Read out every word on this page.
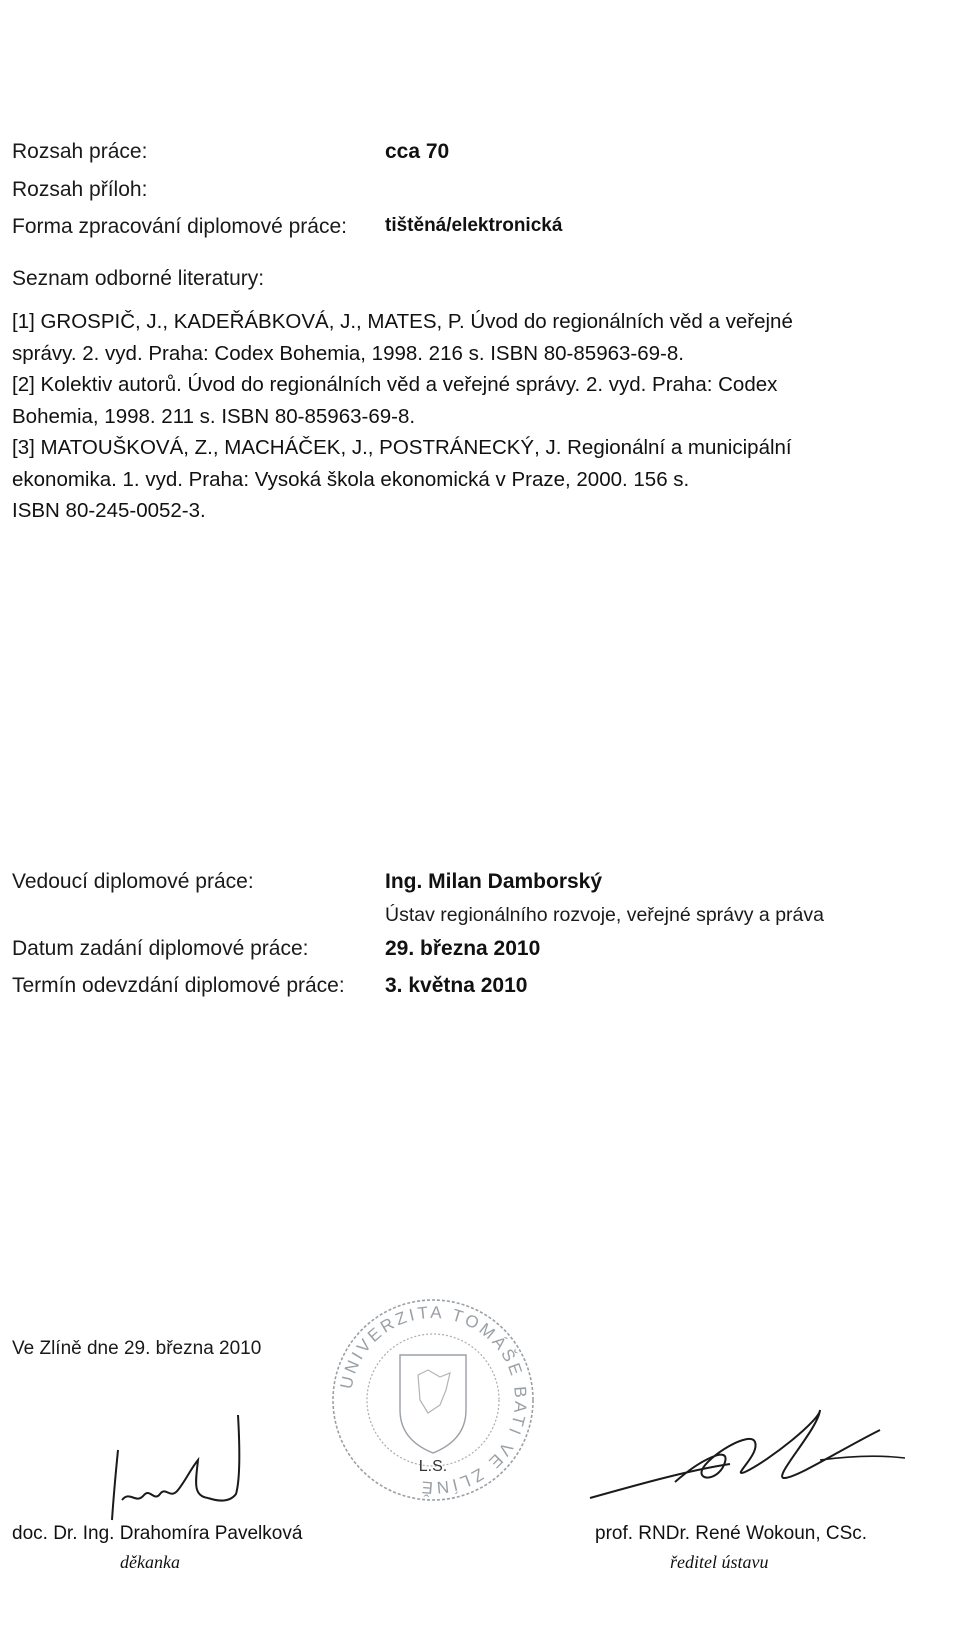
Rozsah práce:	cca 70
Rozsah příloh:
Forma zpracování diplomové práce: tištěná/elektronická
Seznam odborné literatury:
[1] GROSPIČ, J., KADEŘÁBKOVÁ, J., MATES, P. Úvod do regionálních věd a veřejné
správy. 2. vyd. Praha: Codex Bohemia, 1998. 216 s. ISBN 80-85963-69-8.
[2] Kolektiv autorů. Úvod do regionálních věd a veřejné správy. 2. vyd. Praha: Codex
Bohemia, 1998. 211 s. ISBN 80-85963-69-8.
[3] MATOUŠKOVÁ, Z., MACHÁČEK, J., POSTRÁNECKÝ, J. Regionální a municipální
ekonomika. 1. vyd. Praha: Vysoká škola ekonomická v Praze, 2000. 156 s.
ISBN 80-245-0052-3.
Vedoucí diplomové práce:	Ing. Milan Damborský
Ústav regionálního rozvoje, veřejné správy a práva
Datum zadání diplomové práce:	29. března 2010
Termín odevzdání diplomové práce: 3. května 2010
Ve Zlíně dne 29. března 2010
UNIVERZITA TOMÁŠE BATI VE ZLÍNĚ
L.S.
doc. Dr. Ing. Drahomíra Pavelková
děkanka
prof. RNDr. René Wokoun, CSc.
ředitel ústavu
